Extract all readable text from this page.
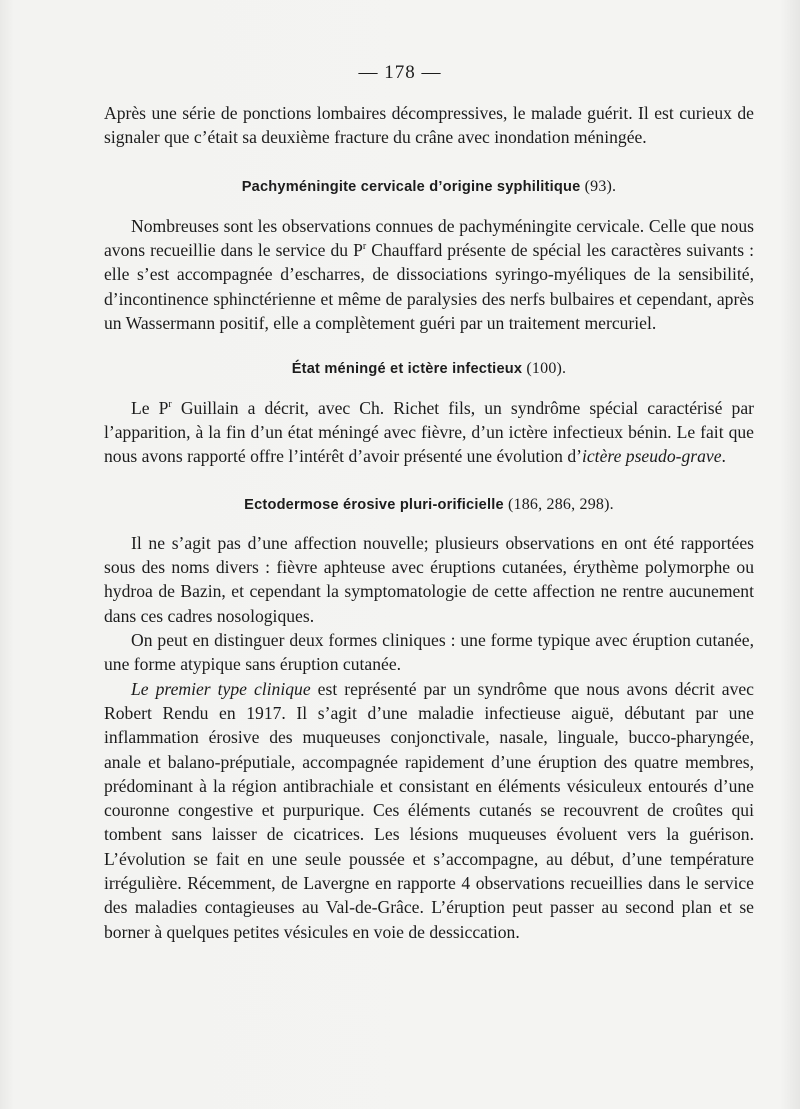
— 178 —

Après une série de ponctions lombaires décompressives, le malade guérit. Il est curieux de signaler que c’était sa deuxième fracture du crâne avec inondation méningée.

Pachyméningite cervicale d’origine syphilitique (93).

Nombreuses sont les observations connues de pachyméningite cervicale. Celle que nous avons recueillie dans le service du $P^r$ Chauffard présente de spécial les caractères suivants : elle s’est accompagnée d’escharres, de dissociations syringo-myéliques de la sensibilité, d’incontinence sphinctérienne et même de paralysies des nerfs bulbaires et cependant, après un Wassermann positif, elle a complètement guéri par un traitement mercuriel.

État méningé et ictère infectieux (100).

Le $P^r$ Guillain a décrit, avec Ch. Richet fils, un syndrôme spécial caractérisé par l’apparition, à la fin d’un état méningé avec fièvre, d’un ictère infectieux bénin. Le fait que nous avons rapporté offre l’intérêt d’avoir présenté une évolution d’ictère pseudo-grave.

Ectodermose érosive pluri-orificielle (186, 286, 298).

Il ne s’agit pas d’une affection nouvelle; plusieurs observations en ont été rapportées sous des noms divers : fièvre aphteuse avec éruptions cutanées, érythème polymorphe ou hydroa de Bazin, et cependant la symptomatologie de cette affection ne rentre aucunement dans ces cadres nosologiques.

On peut en distinguer deux formes cliniques : une forme typique avec éruption cutanée, une forme atypique sans éruption cutanée.

Le premier type clinique est représenté par un syndrôme que nous avons décrit avec Robert Rendu en 1917. Il s’agit d’une maladie infectieuse aiguë, débutant par une inflammation érosive des muqueuses conjonctivale, nasale, linguale, bucco-pharyngée, anale et balano-préputiale, accompagnée rapidement d’une éruption des quatre membres, prédominant à la région antibrachiale et consistant en éléments vésiculeux entourés d’une couronne congestive et purpurique. Ces éléments cutanés se recouvrent de croûtes qui tombent sans laisser de cicatrices. Les lésions muqueuses évoluent vers la guérison. L’évolution se fait en une seule poussée et s’accompagne, au début, d’une température irrégulière. Récemment, de Lavergne en rapporte 4 observations recueillies dans le service des maladies contagieuses au Val-de-Grâce. L’éruption peut passer au second plan et se borner à quelques petites vésicules en voie de dessiccation.
